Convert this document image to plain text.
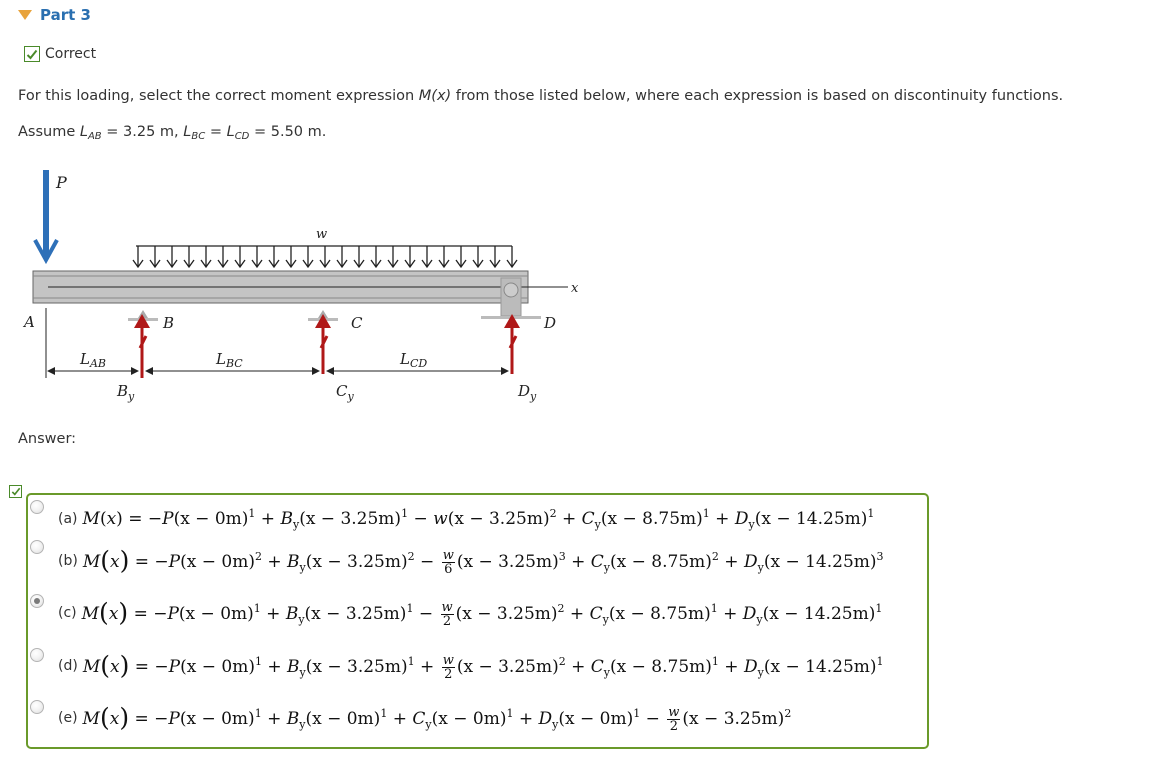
Part 3
Correct
For this loading, select the correct moment expression M(x) from those listed below, where each expression is based on discontinuity functions.
Assume $L_{AB} = 3.25$ m, $L_{BC} = L_{CD} = 5.50$ m.
P
w
x
A	B	C	D
$L_{AB}$	$L_{BC}$	$L_{CD}$
$B_y$	$C_y$	$D_y$
Answer:
(a) $M(x) = -P(x - 0m)^1 + B_y(x - 3.25m)^1 - w(x - 3.25m)^2 + C_y(x - 8.75m)^1 + D_y(x - 14.25m)^1$
(b) $M(x) = -P(x - 0m)^2 + B_y(x - 3.25m)^2 - \frac{w}{6} (x - 3.25m)^3 + C_y(x - 8.75m)^2 + D_y(x - 14.25m)^3$
(c) $M(x) = -P(x - 0m)^1 + B_y(x - 3.25m)^1 - \frac{w}{2} (x - 3.25m)^2 + C_y(x - 8.75m)^1 + D_y(x - 14.25m)^1$
(d) $M(x) = -P(x - 0m)^1 + B_y(x - 3.25m)^1 + \frac{w}{2} (x - 3.25m)^2 + C_y(x - 8.75m)^1 + D_y(x - 14.25m)^1$
(e) $M(x) = -P(x - 0m)^1 + B_y(x - 0m)^1 + C_y(x - 0m)^1 + D_y(x - 0m)^1 - \frac{w}{2} (x - 3.25m)^2$
